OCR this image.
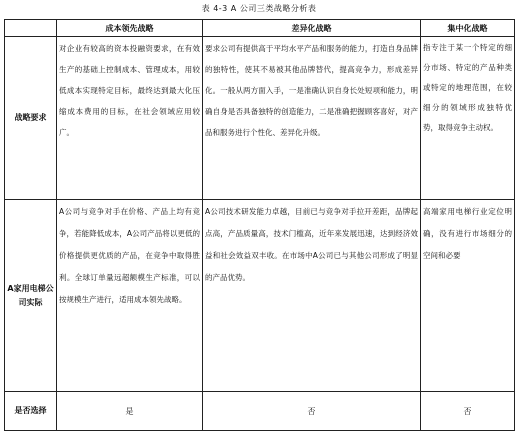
表 4-3 A 公司三类战略分析表
	成本领先战略	差异化战略	集中化战略
战略要求	对企业有较高的资本投融资要求，在有效生产的基础上控制成本、管理成本，用较低成本实现特定目标，最终达到最大化压缩成本费用的目标，在社会领域应用较广。	要求公司有提供高于平均水平产品和服务的能力，打造自身品牌的独特性，使其不易被其他品牌替代，提高竞争力，形成差异化。一般从两方面入手，一是准确认识自身长处短项和能力，明确自身是否具备独特的创造能力，二是准确把握顾客喜好，对产品和服务进行个性化、差异化升级。	指专注于某一个特定的细分市场、特定的产品种类或特定的地理范围，在较细分的领域形成独特优势，取得竞争主动权。
A家用电梯公司实际	A公司与竞争对手在价格、产品上均有竞争，若能降低成本，A公司产品将以更低的价格提供更优质的产品，在竞争中取得胜利。全球订单量远超额模生产标准，可以按规模生产进行，适用成本领先战略。	A公司技术研发能力卓越，目前已与竞争对手拉开差距，品牌起点高，产品质量高，技术门槛高，近年来发展迅速，达到经济效益和社会效益双丰收。在市场中A公司已与其他公司形成了明显的产品优势。	高端家用电梯行业定位明确，没有进行市场细分的空间和必要
是否选择	是	否	否
